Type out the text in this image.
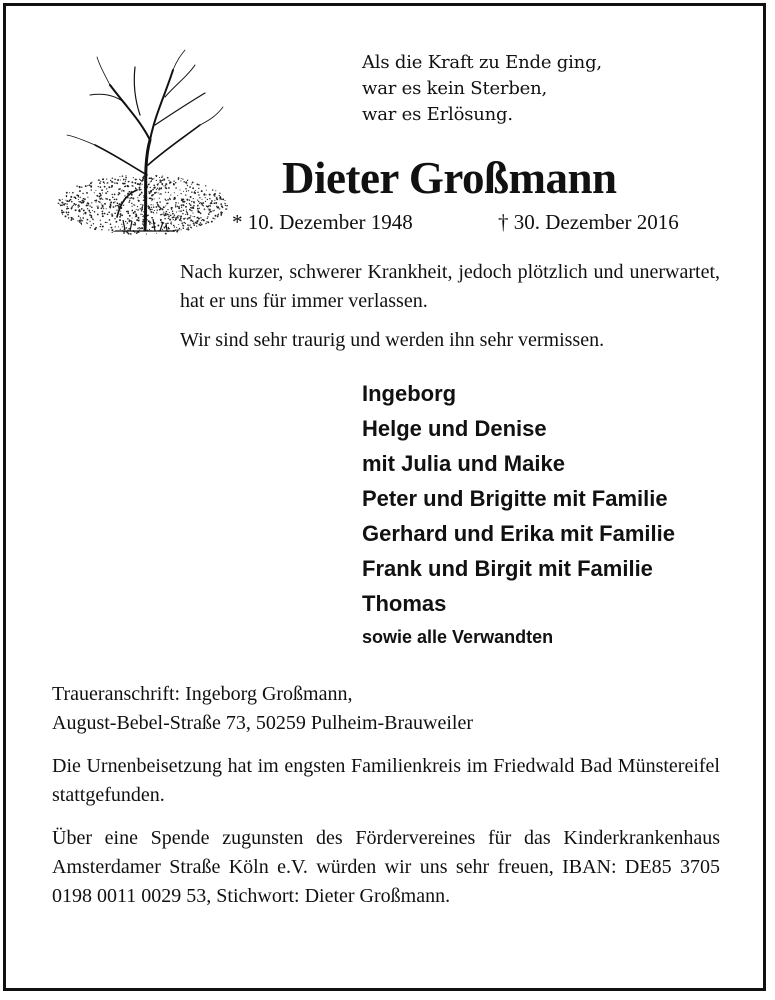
Als die Kraft zu Ende ging,
war es kein Sterben,
war es Erlösung.
Dieter Großmann
* 10. Dezember 1948	† 30. Dezember 2016

Nach kurzer, schwerer Krankheit, jedoch plötzlich und unerwartet, hat er uns für immer verlassen.

Wir sind sehr traurig und werden ihn sehr vermissen.

Ingeborg
Helge und Denise
mit Julia und Maike
Peter und Brigitte mit Familie
Gerhard und Erika mit Familie
Frank und Birgit mit Familie
Thomas
sowie alle Verwandten

Traueranschrift: Ingeborg Großmann,
August-Bebel-Straße 73, 50259 Pulheim-Brauweiler

Die Urnenbeisetzung hat im engsten Familienkreis im Friedwald Bad Münstereifel stattgefunden.

Über eine Spende zugunsten des Fördervereines für das Kinderkrankenhaus Amsterdamer Straße Köln e.V. würden wir uns sehr freuen, IBAN: DE85 3705 0198 0011 0029 53, Stichwort: Dieter Großmann.
